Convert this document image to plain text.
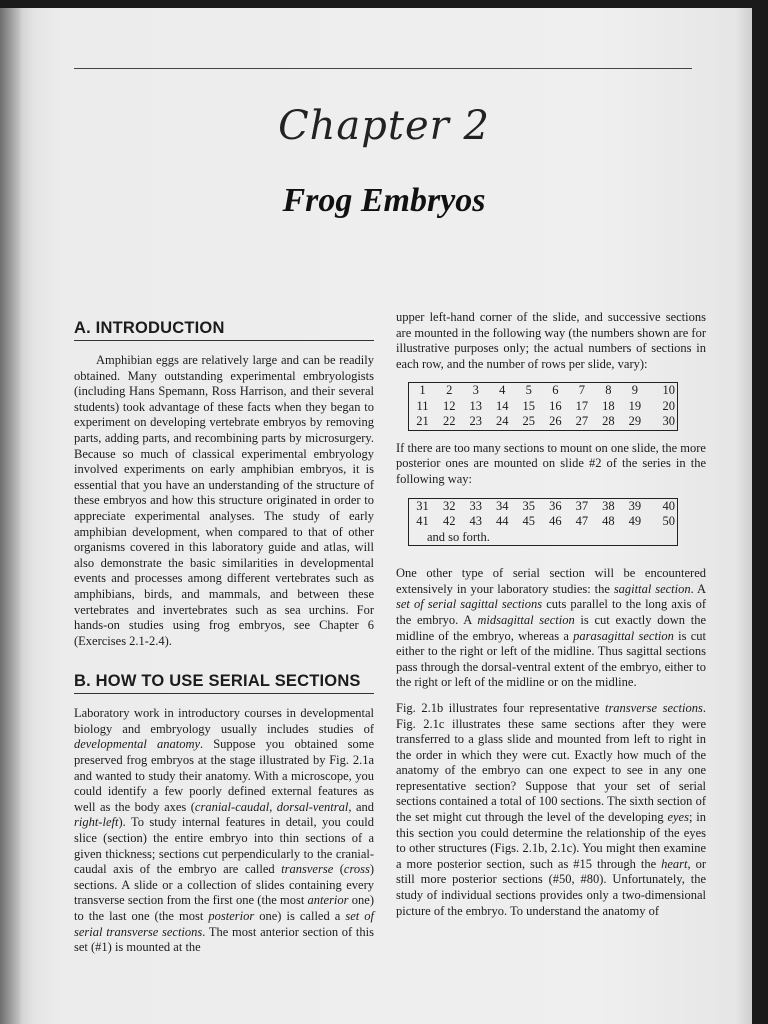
Chapter 2
Frog Embryos
A. INTRODUCTION

Amphibian eggs are relatively large and can be readily obtained. Many outstanding experimental embryologists (including Hans Spemann, Ross Harrison, and their several students) took advantage of these facts when they began to experiment on developing vertebrate embryos by removing parts, adding parts, and recombining parts by microsurgery. Because so much of classical experimental embryology involved experiments on early amphibian embryos, it is essential that you have an understanding of the structure of these embryos and how this structure originated in order to appreciate experimental analyses. The study of early amphibian development, when compared to that of other organisms covered in this laboratory guide and atlas, will also demonstrate the basic similarities in developmental events and processes among different vertebrates such as amphibians, birds, and mammals, and between these vertebrates and invertebrates such as sea urchins. For hands-on studies using frog embryos, see Chapter 6 (Exercises 2.1-2.4).

B. HOW TO USE SERIAL SECTIONS

Laboratory work in introductory courses in developmental biology and embryology usually includes studies of developmental anatomy. Suppose you obtained some preserved frog embryos at the stage illustrated by Fig. 2.1a and wanted to study their anatomy. With a microscope, you could identify a few poorly defined external features as well as the body axes (cranial-caudal, dorsal-ventral, and right-left). To study internal features in detail, you could slice (section) the entire embryo into thin sections of a given thickness; sections cut perpendicularly to the cranial-caudal axis of the embryo are called transverse (cross) sections. A slide or a collection of slides containing every transverse section from the first one (the most anterior one) to the last one (the most posterior one) is called a set of serial transverse sections. The most anterior section of this set (#1) is mounted at the

upper left-hand corner of the slide, and successive sections are mounted in the following way (the numbers shown are for illustrative purposes only; the actual numbers of sections in each row, and the number of rows per slide, vary):

1	2	3	4	5	6	7	8	9	10
11	12	13	14	15	16	17	18	19	20
21	22	23	24	25	26	27	28	29	30

If there are too many sections to mount on one slide, the more posterior ones are mounted on slide #2 of the series in the following way:

31	32	33	34	35	36	37	38	39	40
41	42	43	44	45	46	47	48	49	50
and so forth.									

One other type of serial section will be encountered extensively in your laboratory studies: the sagittal section. A set of serial sagittal sections cuts parallel to the long axis of the embryo. A midsagittal section is cut exactly down the midline of the embryo, whereas a parasagittal section is cut either to the right or left of the midline. Thus sagittal sections pass through the dorsal-ventral extent of the embryo, either to the right or left of the midline or on the midline.

Fig. 2.1b illustrates four representative transverse sections. Fig. 2.1c illustrates these same sections after they were transferred to a glass slide and mounted from left to right in the order in which they were cut. Exactly how much of the anatomy of the embryo can one expect to see in any one representative section? Suppose that your set of serial sections contained a total of 100 sections. The sixth section of the set might cut through the level of the developing eyes; in this section you could determine the relationship of the eyes to other structures (Figs. 2.1b, 2.1c). You might then examine a more posterior section, such as #15 through the heart, or still more posterior sections (#50, #80). Unfortunately, the study of individual sections provides only a two-dimensional picture of the embryo. To understand the anatomy of
